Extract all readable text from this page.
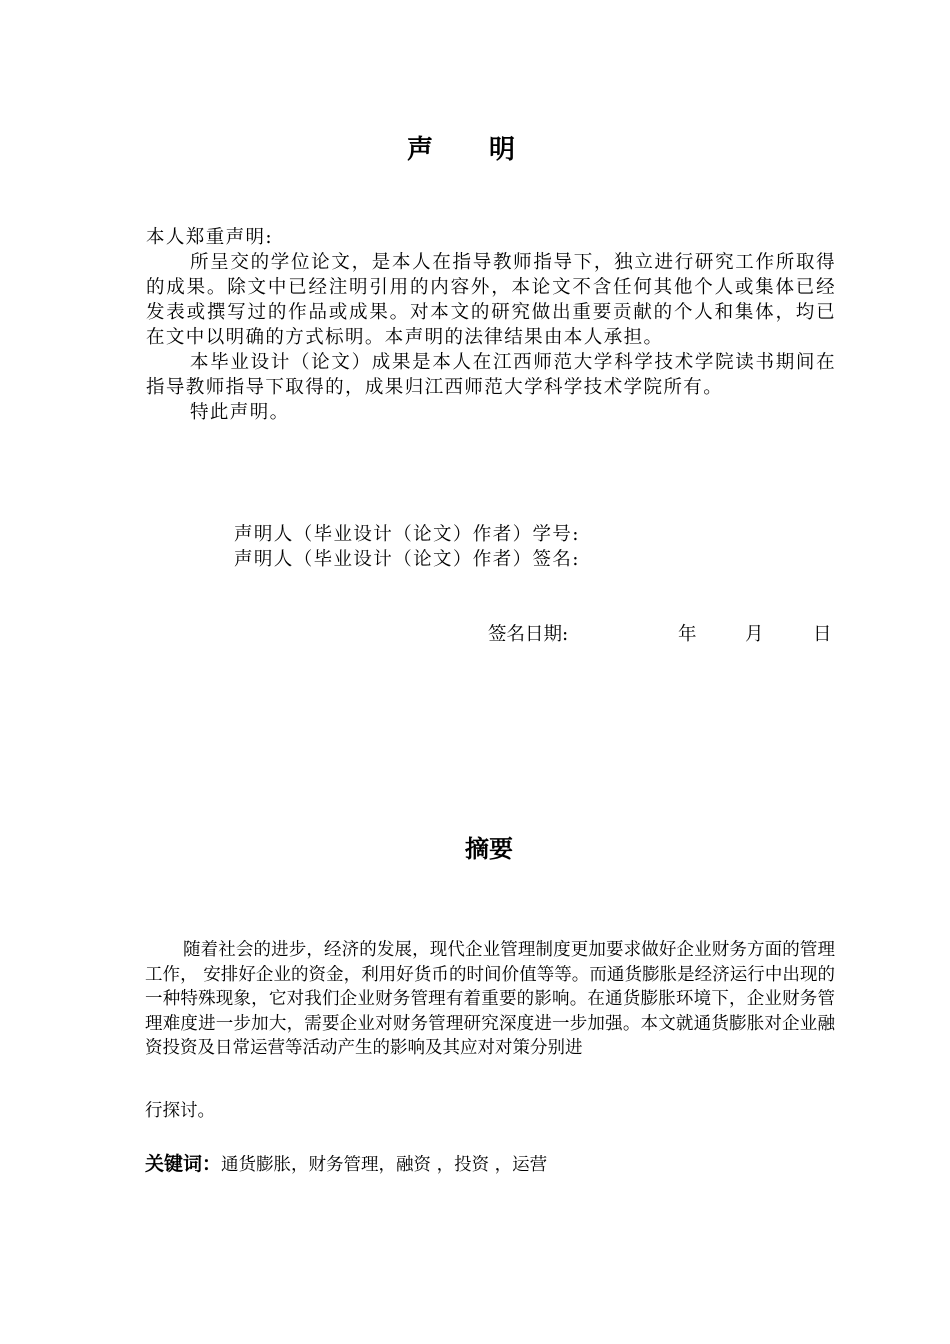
声明

本人郑重声明:

所呈交的学位论文，是本人在指导教师指导下，独立进行研究工作所取得的成果。除文中已经注明引用的内容外，本论文不含任何其他个人或集体已经发表或撰写过的作品或成果。对本文的研究做出重要贡献的个人和集体，均已在文中以明确的方式标明。本声明的法律结果由本人承担。

本毕业设计（论文）成果是本人在江西师范大学科学技术学院读书期间在指导教师指导下取得的，成果归江西师范大学科学技术学院所有。

特此声明。

声明人（毕业设计（论文）作者）学号:
声明人（毕业设计（论文）作者）签名:
签名日期:	年	月	日
摘要

随着社会的进步，经济的发展，现代企业管理制度更加要求做好企业财务方面的管理工作， 安排好企业的资金，利用好货币的时间价值等等。而通货膨胀是经济运行中出现的一种特殊现象，它对我们企业财务管理有着重要的影响。在通货膨胀环境下，企业财务管理难度进一步加大，需要企业对财务管理研究深度进一步加强。本文就通货膨胀对企业融资投资及日常运营等活动产生的影响及其应对对策分别进

行探讨。
关键词：通货膨胀，财务管理，融资 ，投资 ，运营
